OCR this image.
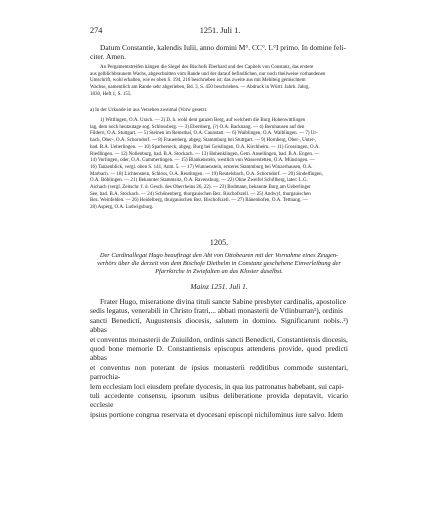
274	1251. Juli 1.
Datum Constantie, kalendis Iulii, anno domini M°. CC°. L°I primo. In domine feli-
citer. Amen.
An Pergamentstreifen hängen die Siegel des Bischofs Eberhard und des Capitels von Constanz, das erstere
aus gelblichbraunem Wachs, abgeschnitten vom Rande und der darauf befindlichen, nur noch theilweise vorhandenen
Umschrift, wohl erhalten, wie es oben S. 194, 216 beschrieben ist; das zweite aus mit Mehlteig gemischtem
Wachse, namentlich am Rande sehr abgerieben, Bd. 3, S. 450 beschrieben. — Abdruck in Württ. Jahrb. Jahrg.
1830, Heft 1, S. 155.
a) In der Urkunde ist aus Versehen zweimal (Vorw gesetzt.
1) Wittlingen, O.A. Urach. — 2) D. h. wohl dem ganzen Berg, auf welchem die Burg Hohenwittlingen
lag, dem noch heutzutage sog. Schlossberg. — 3) Ebersberg, (?) O.A. Backnang. — 4) Bernhausen auf den
Fildern, O.A. Stuttgart. — 5) Steinen im Remsthal, O.A. Cannstatt. — 6) Waiblingen, O.A. Waiblingen. — 7) Ur-
bach, Ober-, O.A. Schorndorf. — 8) Frauenberg, abgeg. Stammburg bei Stuttgart. — 9) Hornberg, Ober-, Unter-,
bad. B.A. Ueberlingen. — 10) Sparberseck, abgeg. Burg bei Geislingen, O.A. Kirchheim. — 11) Grossingen, O.A.
Riedlingen. — 12) Nollenburg, bad. B.A. Stockach. — 13) Hohenklingen, Gem. Ansellingen, bad. B.A. Engen. —
14) Vorlingen, oder, O.A. Gammertingen. — 15) Blankenstein, westlich von Wasserstetten, O.A. Münsingen. —
16) Tanzenblick, vergl. oben S. 141, Anm. 5. — 17) Wunnenstein, ersteres Stammburg bei Winzerhausen, O.A.
Marbach. — 18) Lichtenstein, Schloss, O.A. Reutlingen. — 19) Reutelsbach, O.A. Schorndorf. — 20) Sindelfingen,
O.A. Böblingen. — 21) Bekannter Stammsitz, O.A. Ravensburg. — 22) Ohne Zweifel Schillberg, later: L.G.
Aichach (vergl. Zeitschr. f. d. Gesch. des Oberrheins 26, 22). — 23) Bodmann, bekannte Burg am Ueberlinger
See, bad. B.A. Stockach. — 24) Schönenberg, thurgauischen Bez. Bischofszell. — 25) Andwyl, thurgauischen
Bez. Weinfelden. — 26) Heidelberg, thurgauischen Bez. Bischofszell. — 27) Bänenhofen, O.A. Tettnang. —
28) Asperg, O.A. Ludwigsburg.
1205.
Der Cardinallegat Hugo beauftragt den Abt von Ottobeuren mit der Vornahme eines Zeugen-
verhörs über die derzeit von dem Bischofe Diethelm in Constanz geschehene Einverleibung der
Pfarrkirche in Zwiefalten an das Kloster daselbst.
Mainz 1251. Juli 1.
Frater Hugo, miseratione divina tituli sancte Sabine presbyter cardinalis, apostolice
sedis legatus, venerabili in Christo fratri,... abbati monasterii de Vtlinburran¹), ordinis
sancti Benedicti, Augustensis diocesis, salutem in domino. Significarunt nobis..²) abbas
et conventus monasterii de Zuiuildon, ordinis sancti Benedicti, Constantiensis diocesis,
quod bone memorie D. Constantiensis episcopus attendens provide, quod predicti abbas
et conventus non poterant de ipsius monasterii redditibus commode sustentari, parrochia-
lem ecclesiam loci eiusdem prefate dyocesis, in qua ius patronatus habebant, sui capi-
tuli accedente consensu, ipsorum usibus deliberatione provida deputavit, vicario ecclesie
ipsius portione congrua reservata et dyocesani episcopi nichilominus iure salvo. Idem
